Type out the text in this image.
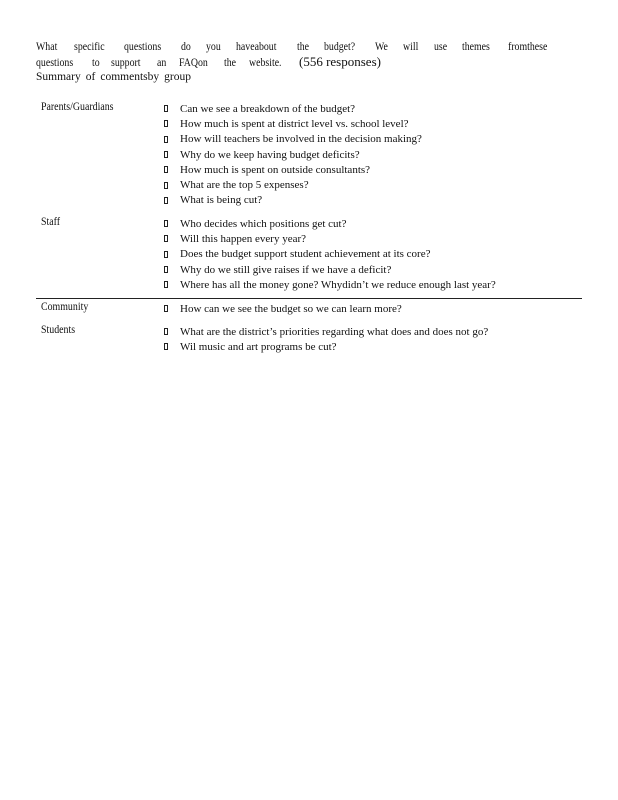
What specific questions do you haveabout the budget? We will use themes fromthese
questions to support an FAQon the website. (556 responses)
Summary of commentsby group
Parents/Guardians	Can we see a breakdown of the budget?
How much is spent at district level vs. school level?
How will teachers be involved in the decision making?
Why do we keep having budget deficits?
How much is spent on outside consultants?
What are the top 5 expenses?
What is being cut?
Staff	Who decides which positions get cut?
Will this happen every year?
Does the budget support student achievement at its core?
Why do we still give raises if we have a deficit?
Where has all the money gone? Whydidn’t we reduce enough last year?
Community	How can we see the budget so we can learn more?
Students	What are the district’s priorities regarding what does and does not go?
Wil music and art programs be cut?
